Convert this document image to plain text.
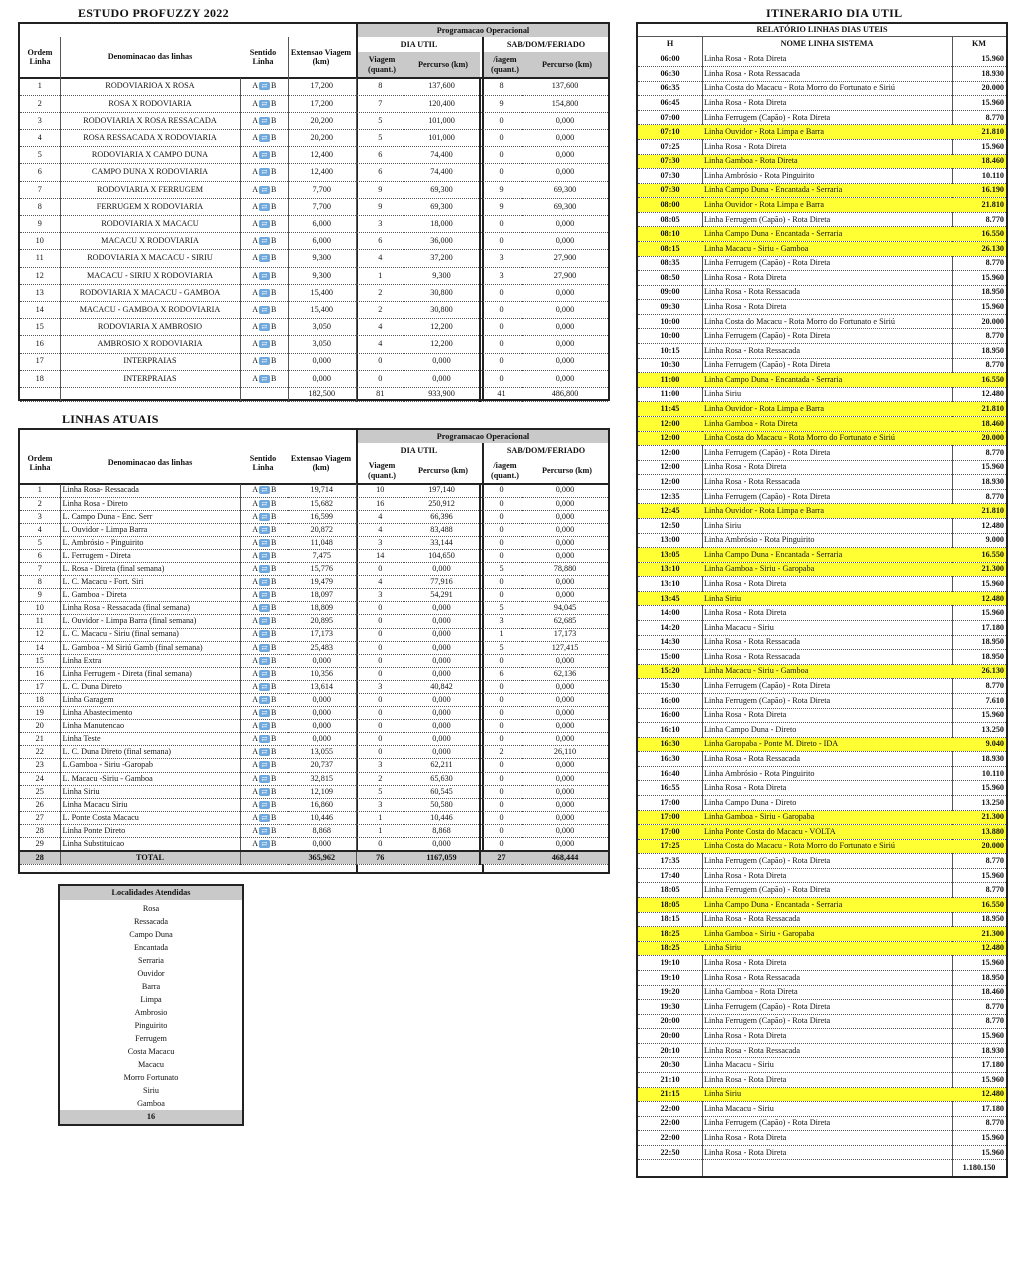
ESTUDO PROFUZZY 2022
Ordem Linha
Denominacao das linhas
Sentido Linha
Extensao Viagem (km)
Programacao Operacional
DIA UTIL	SAB/DOM/FERIADO
Viagem (quant.)
Percurso (km)
/iagem (quant.)
Percurso (km)
1	RODOVIARIOA X ROSA	A ⇄ B	17,200	8	137,600	8	137,600
2	ROSA X RODOVIARIA	A ⇄ B	17,200	7	120,400	9	154,800
3	RODOVIARIA X ROSA RESSACADA	A ⇄ B	20,200	5	101,000	0	0,000
4	ROSA RESSACADA X RODOVIARIA	A ⇄ B	20,200	5	101,000	0	0,000
5	RODOVIARIA X CAMPO DUNA	A ⇄ B	12,400	6	74,400	0	0,000
6	CAMPO DUNA X RODOVIARIA	A ⇄ B	12,400	6	74,400	0	0,000
7	RODOVIARIA X FERRUGEM	A ⇄ B	7,700	9	69,300	9	69,300
8	FERRUGEM X RODOVIARIA	A ⇄ B	7,700	9	69,300	9	69,300
9	RODOVIARIA X MACACU	A ⇄ B	6,000	3	18,000	0	0,000
10	MACACU X RODOVIARIA	A ⇄ B	6,000	6	36,000	0	0,000
11	RODOVIARIA X MACACU - SIRIU	A ⇄ B	9,300	4	37,200	3	27,900
12	MACACU - SIRIU X RODOVIARIA	A ⇄ B	9,300	1	9,300	3	27,900
13	RODOVIARIA X MACACU - GAMBOA	A ⇄ B	15,400	2	30,800	0	0,000
14	MACACU - GAMBOA X RODOVIARIA	A ⇄ B	15,400	2	30,800	0	0,000
15	RODOVIARIA X AMBROSIO	A ⇄ B	3,050	4	12,200	0	0,000
16	AMBROSIO X RODOVIARIA	A ⇄ B	3,050	4	12,200	0	0,000
17	INTERPRAIAS	A ⇄ B	0,000	0	0,000	0	0,000
18	INTERPRAIAS	A ⇄ B	0,000	0	0,000	0	0,000
			182,500	81	933,900	41	486,800
LINHAS ATUAIS
Ordem Linha
Denominacao das linhas
Sentido Linha
Extensao Viagem (km)
Programacao Operacional
DIA UTIL	SAB/DOM/FERIADO
Viagem (quant.)
Percurso (km)
/iagem (quant.)
Percurso (km)
1	Linha Rosa- Ressacada	A ⇄ B	19,714	10	197,140	0	0,000
2	Linha Rosa - Direto	A ⇄ B	15,682	16	250,912	0	0,000
3	L. Campo Duna - Enc. Serr	A ⇄ B	16,599	4	66,396	0	0,000
4	L. Ouvidor - Limpa Barra	A ⇄ B	20,872	4	83,488	0	0,000
5	L. Ambrósio - Pinguirito	A ⇄ B	11,048	3	33,144	0	0,000
6	L. Ferrugem - Direta	A ⇄ B	7,475	14	104,650	0	0,000
7	L. Rosa - Direta (final semana)	A ⇄ B	15,776	0	0,000	5	78,880
8	L. C. Macacu - Fort. Siri	A ⇄ B	19,479	4	77,916	0	0,000
9	L. Gamboa - Direta	A ⇄ B	18,097	3	54,291	0	0,000
10	Linha Rosa - Ressacada (final semana)	A ⇄ B	18,809	0	0,000	5	94,045
11	L. Ouvidor - Limpa Barra (final semana)	A ⇄ B	20,895	0	0,000	3	62,685
12	L. C. Macacu - Siriu (final semana)	A ⇄ B	17,173	0	0,000	1	17,173
14	L. Gamboa - M Siriú Gamb (final semana)	A ⇄ B	25,483	0	0,000	5	127,415
15	Linha Extra	A ⇄ B	0,000	0	0,000	0	0,000
16	Linha Ferrugem - Direta (final semana)	A ⇄ B	10,356	0	0,000	6	62,136
17	L. C. Duna Direto	A ⇄ B	13,614	3	40,842	0	0,000
18	Linha Garagem	A ⇄ B	0,000	0	0,000	0	0,000
19	Linha Abastecimento	A ⇄ B	0,000	0	0,000	0	0,000
20	Linha Manutencao	A ⇄ B	0,000	0	0,000	0	0,000
21	Linha Teste	A ⇄ B	0,000	0	0,000	0	0,000
22	L. C. Duna Direto (final semana)	A ⇄ B	13,055	0	0,000	2	26,110
23	L.Gamboa - Siriu -Garopab	A ⇄ B	20,737	3	62,211	0	0,000
24	L. Macacu -Siriu - Gamboa	A ⇄ B	32,815	2	65,630	0	0,000
25	Linha Siriu	A ⇄ B	12,109	5	60,545	0	0,000
26	Linha Macacu Siriu	A ⇄ B	16,860	3	50,580	0	0,000
27	L. Ponte Costa Macacu	A ⇄ B	10,446	1	10,446	0	0,000
28	Linha Ponte Direto	A ⇄ B	8,868	1	8,868	0	0,000
29	Linha Substituicao	A ⇄ B	0,000	0	0,000	0	0,000
28	TOTAL		365,962	76	1167,059	27	468,444
Localidades Atendidas
Rosa
Ressacada
Campo Duna
Encantada
Serraria
Ouvidor
Barra
Limpa
Ambrosio
Pinguirito
Ferrugem
Costa Macacu
Macacu
Morro Fortunato
Siriu
Gamboa
16
ITINERARIO DIA UTIL
RELATÓRIO LINHAS DIAS UTEIS
H	NOME LINHA SISTEMA	KM
06:00	Linha Rosa - Rota Direta	15.960
06:30	Linha Rosa - Rota Ressacada	18.930
06:35	Linha Costa do Macacu - Rota Morro do Fortunato e Siriú	20.000
06:45	Linha Rosa - Rota Direta	15.960
07:00	Linha Ferrugem (Capão) - Rota Direta	8.770
07:10	Linha Ouvidor - Rota Limpa e Barra	21.810
07:25	Linha Rosa - Rota Direta	15.960
07:30	Linha Gamboa - Rota Direta	18.460
07:30	Linha Ambrósio - Rota Pinguirito	10.110
07:30	Linha Campo Duna - Encantada - Serraria	16.190
08:00	Linha Ouvidor - Rota Limpa e Barra	21.810
08:05	Linha Ferrugem (Capão) - Rota Direta	8.770
08:10	Linha Campo Duna - Encantada - Serraria	16.550
08:15	Linha Macacu - Siriu - Gamboa	26.130
08:35	Linha Ferrugem (Capão) - Rota Direta	8.770
08:50	Linha Rosa - Rota Direta	15.960
09:00	Linha Rosa - Rota Ressacada	18.950
09:30	Linha Rosa - Rota Direta	15.960
10:00	Linha Costa do Macacu - Rota Morro do Fortunato e Siriú	20.000
10:00	Linha Ferrugem (Capão) - Rota Direta	8.770
10:15	Linha Rosa - Rota Ressacada	18.950
10:30	Linha Ferrugem (Capão) - Rota Direta	8.770
11:00	Linha Campo Duna - Encantada - Serraria	16.550
11:00	Linha Siriu	12.480
11:45	Linha Ouvidor - Rota Limpa e Barra	21.810
12:00	Linha Gamboa - Rota Direta	18.460
12:00	Linha Costa do Macacu - Rota Morro do Fortunato e Siriú	20.000
12:00	Linha Ferrugem (Capão) - Rota Direta	8.770
12:00	Linha Rosa - Rota Direta	15.960
12:00	Linha Rosa - Rota Ressacada	18.930
12:35	Linha Ferrugem (Capão) - Rota Direta	8.770
12:45	Linha Ouvidor - Rota Limpa e Barra	21.810
12:50	Linha Siriu	12.480
13:00	Linha Ambrósio - Rota Pinguirito	9.000
13:05	Linha Campo Duna - Encantada - Serraria	16.550
13:10	Linha Gamboa - Siriu - Garopaba	21.300
13:10	Linha Rosa - Rota Direta	15.960
13:45	Linha Siriu	12.480
14:00	Linha Rosa - Rota Direta	15.960
14:20	Linha Macacu - Siriu	17.180
14:30	Linha Rosa - Rota Ressacada	18.950
15:00	Linha Rosa - Rota Ressacada	18.950
15:20	Linha Macacu - Siriu - Gamboa	26.130
15:30	Linha Ferrugem (Capão) - Rota Direta	8.770
16:00	Linha Ferrugem (Capão) - Rota Direta	7.610
16:00	Linha Rosa - Rota Direta	15.960
16:10	Linha Campo Duna - Direto	13.250
16:30	Linha Garopaba - Ponte M. Direto - IDA	9.040
16:30	Linha Rosa - Rota Ressacada	18.930
16:40	Linha Ambrósio - Rota Pinguirito	10.110
16:55	Linha Rosa - Rota Direta	15.960
17:00	Linha Campo Duna - Direto	13.250
17:00	Linha Gamboa - Siriu - Garopaba	21.300
17:00	Linha Ponte Costa do Macacu - VOLTA	13.880
17:25	Linha Costa do Macacu - Rota Morro do Fortunato e Siriú	20.000
17:35	Linha Ferrugem (Capão) - Rota Direta	8.770
17:40	Linha Rosa - Rota Direta	15.960
18:05	Linha Ferrugem (Capão) - Rota Direta	8.770
18:05	Linha Campo Duna - Encantada - Serraria	16.550
18:15	Linha Rosa - Rota Ressacada	18.950
18:25	Linha Gamboa - Siriu - Garopaba	21.300
18:25	Linha Siriu	12.480
19:10	Linha Rosa - Rota Direta	15.960
19:10	Linha Rosa - Rota Ressacada	18.950
19:20	Linha Gamboa - Rota Direta	18.460
19:30	Linha Ferrugem (Capão) - Rota Direta	8.770
20:00	Linha Ferrugem (Capão) - Rota Direta	8.770
20:00	Linha Rosa - Rota Direta	15.960
20:10	Linha Rosa - Rota Ressacada	18.930
20:30	Linha Macacu - Siriu	17.180
21:10	Linha Rosa - Rota Direta	15.960
21:15	Linha Siriu	12.480
22:00	Linha Macacu - Siriu	17.180
22:00	Linha Ferrugem (Capão) - Rota Direta	8.770
22:00	Linha Rosa - Rota Direta	15.960
22:50	Linha Rosa - Rota Direta	15.960
1.180.150
